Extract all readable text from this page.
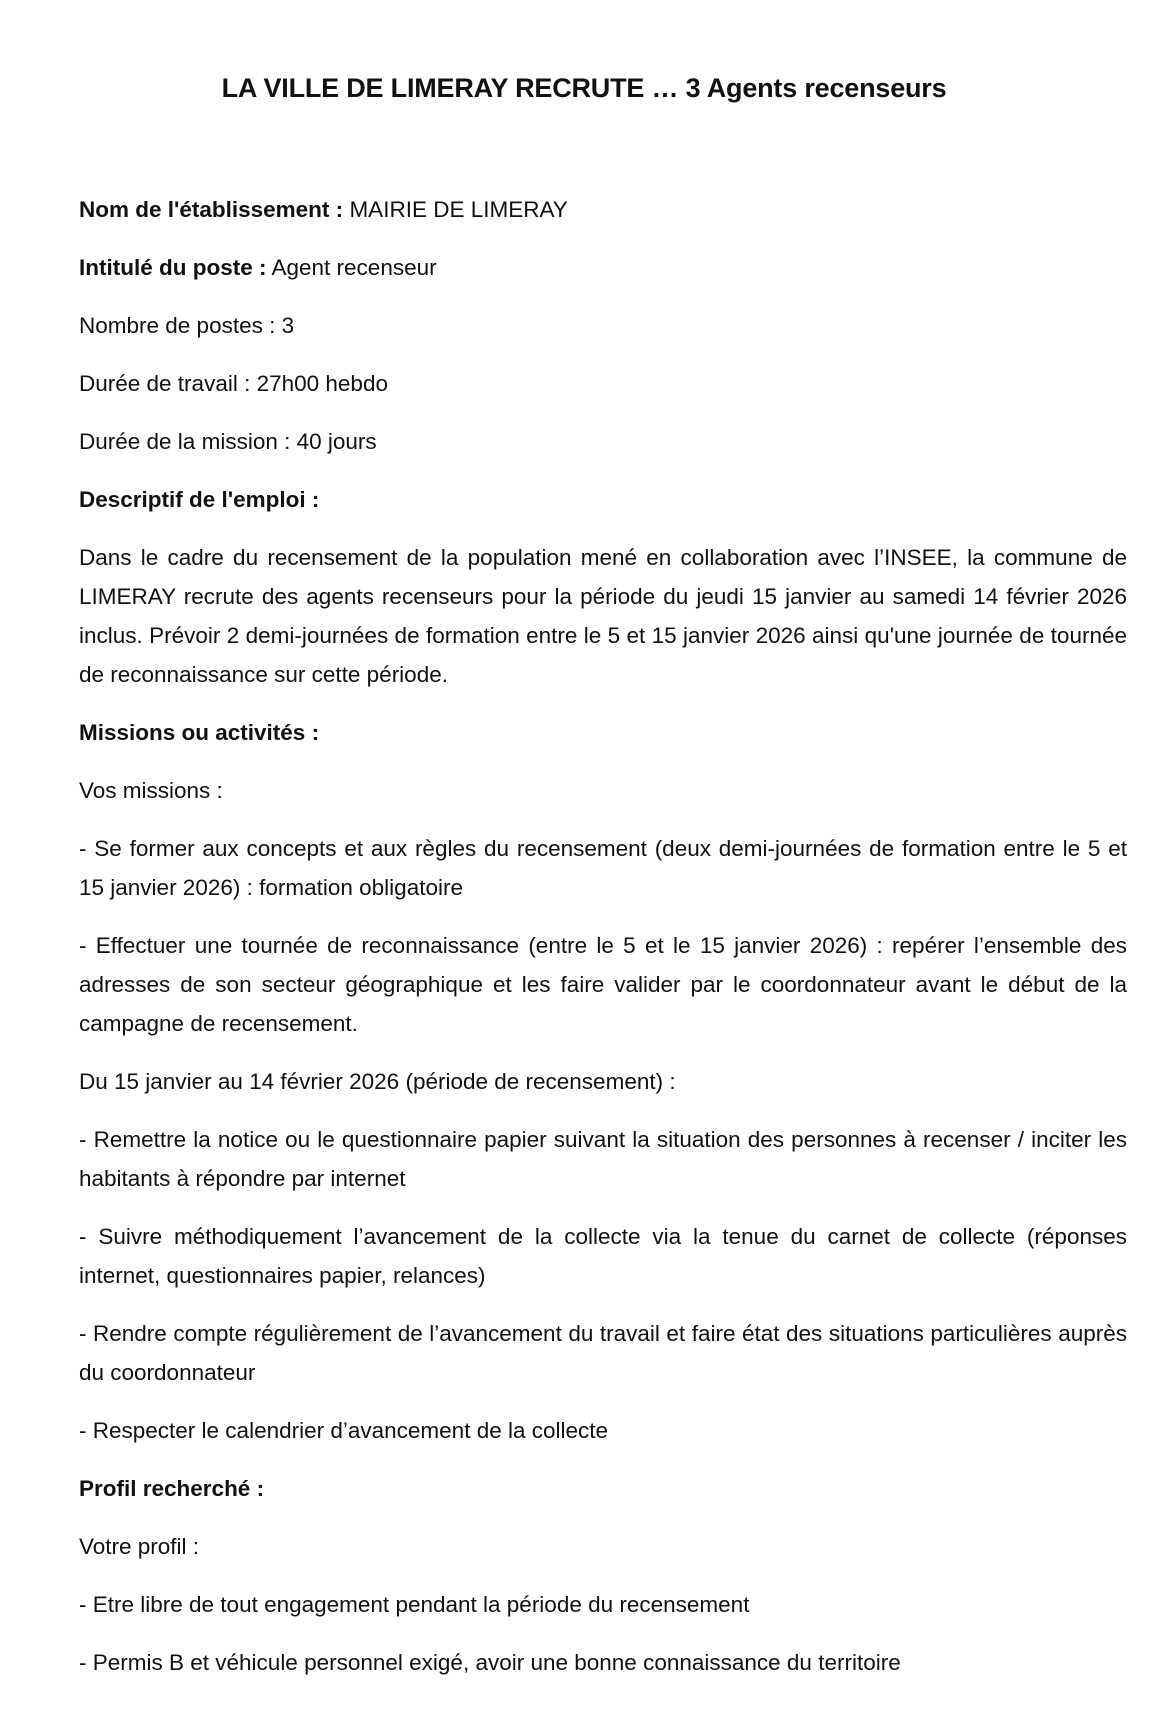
LA VILLE DE LIMERAY RECRUTE … 3 Agents recenseurs
Nom de l'établissement : MAIRIE DE LIMERAY
Intitulé du poste : Agent recenseur
Nombre de postes : 3
Durée de travail : 27h00 hebdo
Durée de la mission : 40 jours
Descriptif de l'emploi :
Dans le cadre du recensement de la population mené en collaboration avec l’INSEE, la commune de LIMERAY recrute des agents recenseurs pour la période du jeudi 15 janvier au samedi 14 février 2026 inclus. Prévoir 2 demi-journées de formation entre le 5 et 15 janvier 2026 ainsi qu'une journée de tournée de reconnaissance sur cette période.
Missions ou activités :
Vos missions :
- Se former aux concepts et aux règles du recensement (deux demi-journées de formation entre le 5 et 15 janvier 2026) : formation obligatoire
- Effectuer une tournée de reconnaissance (entre le 5 et le 15 janvier 2026) : repérer l’ensemble des adresses de son secteur géographique et les faire valider par le coordonnateur avant le début de la campagne de recensement.
Du 15 janvier au 14 février 2026 (période de recensement) :
- Remettre la notice ou le questionnaire papier suivant la situation des personnes à recenser / inciter les habitants à répondre par internet
- Suivre méthodiquement l’avancement de la collecte via la tenue du carnet de collecte (réponses internet, questionnaires papier, relances)
- Rendre compte régulièrement de l’avancement du travail et faire état des situations particulières auprès du coordonnateur
- Respecter le calendrier d’avancement de la collecte
Profil recherché :
Votre profil :
- Etre libre de tout engagement pendant la période du recensement
- Permis B et véhicule personnel exigé, avoir une bonne connaissance du territoire
